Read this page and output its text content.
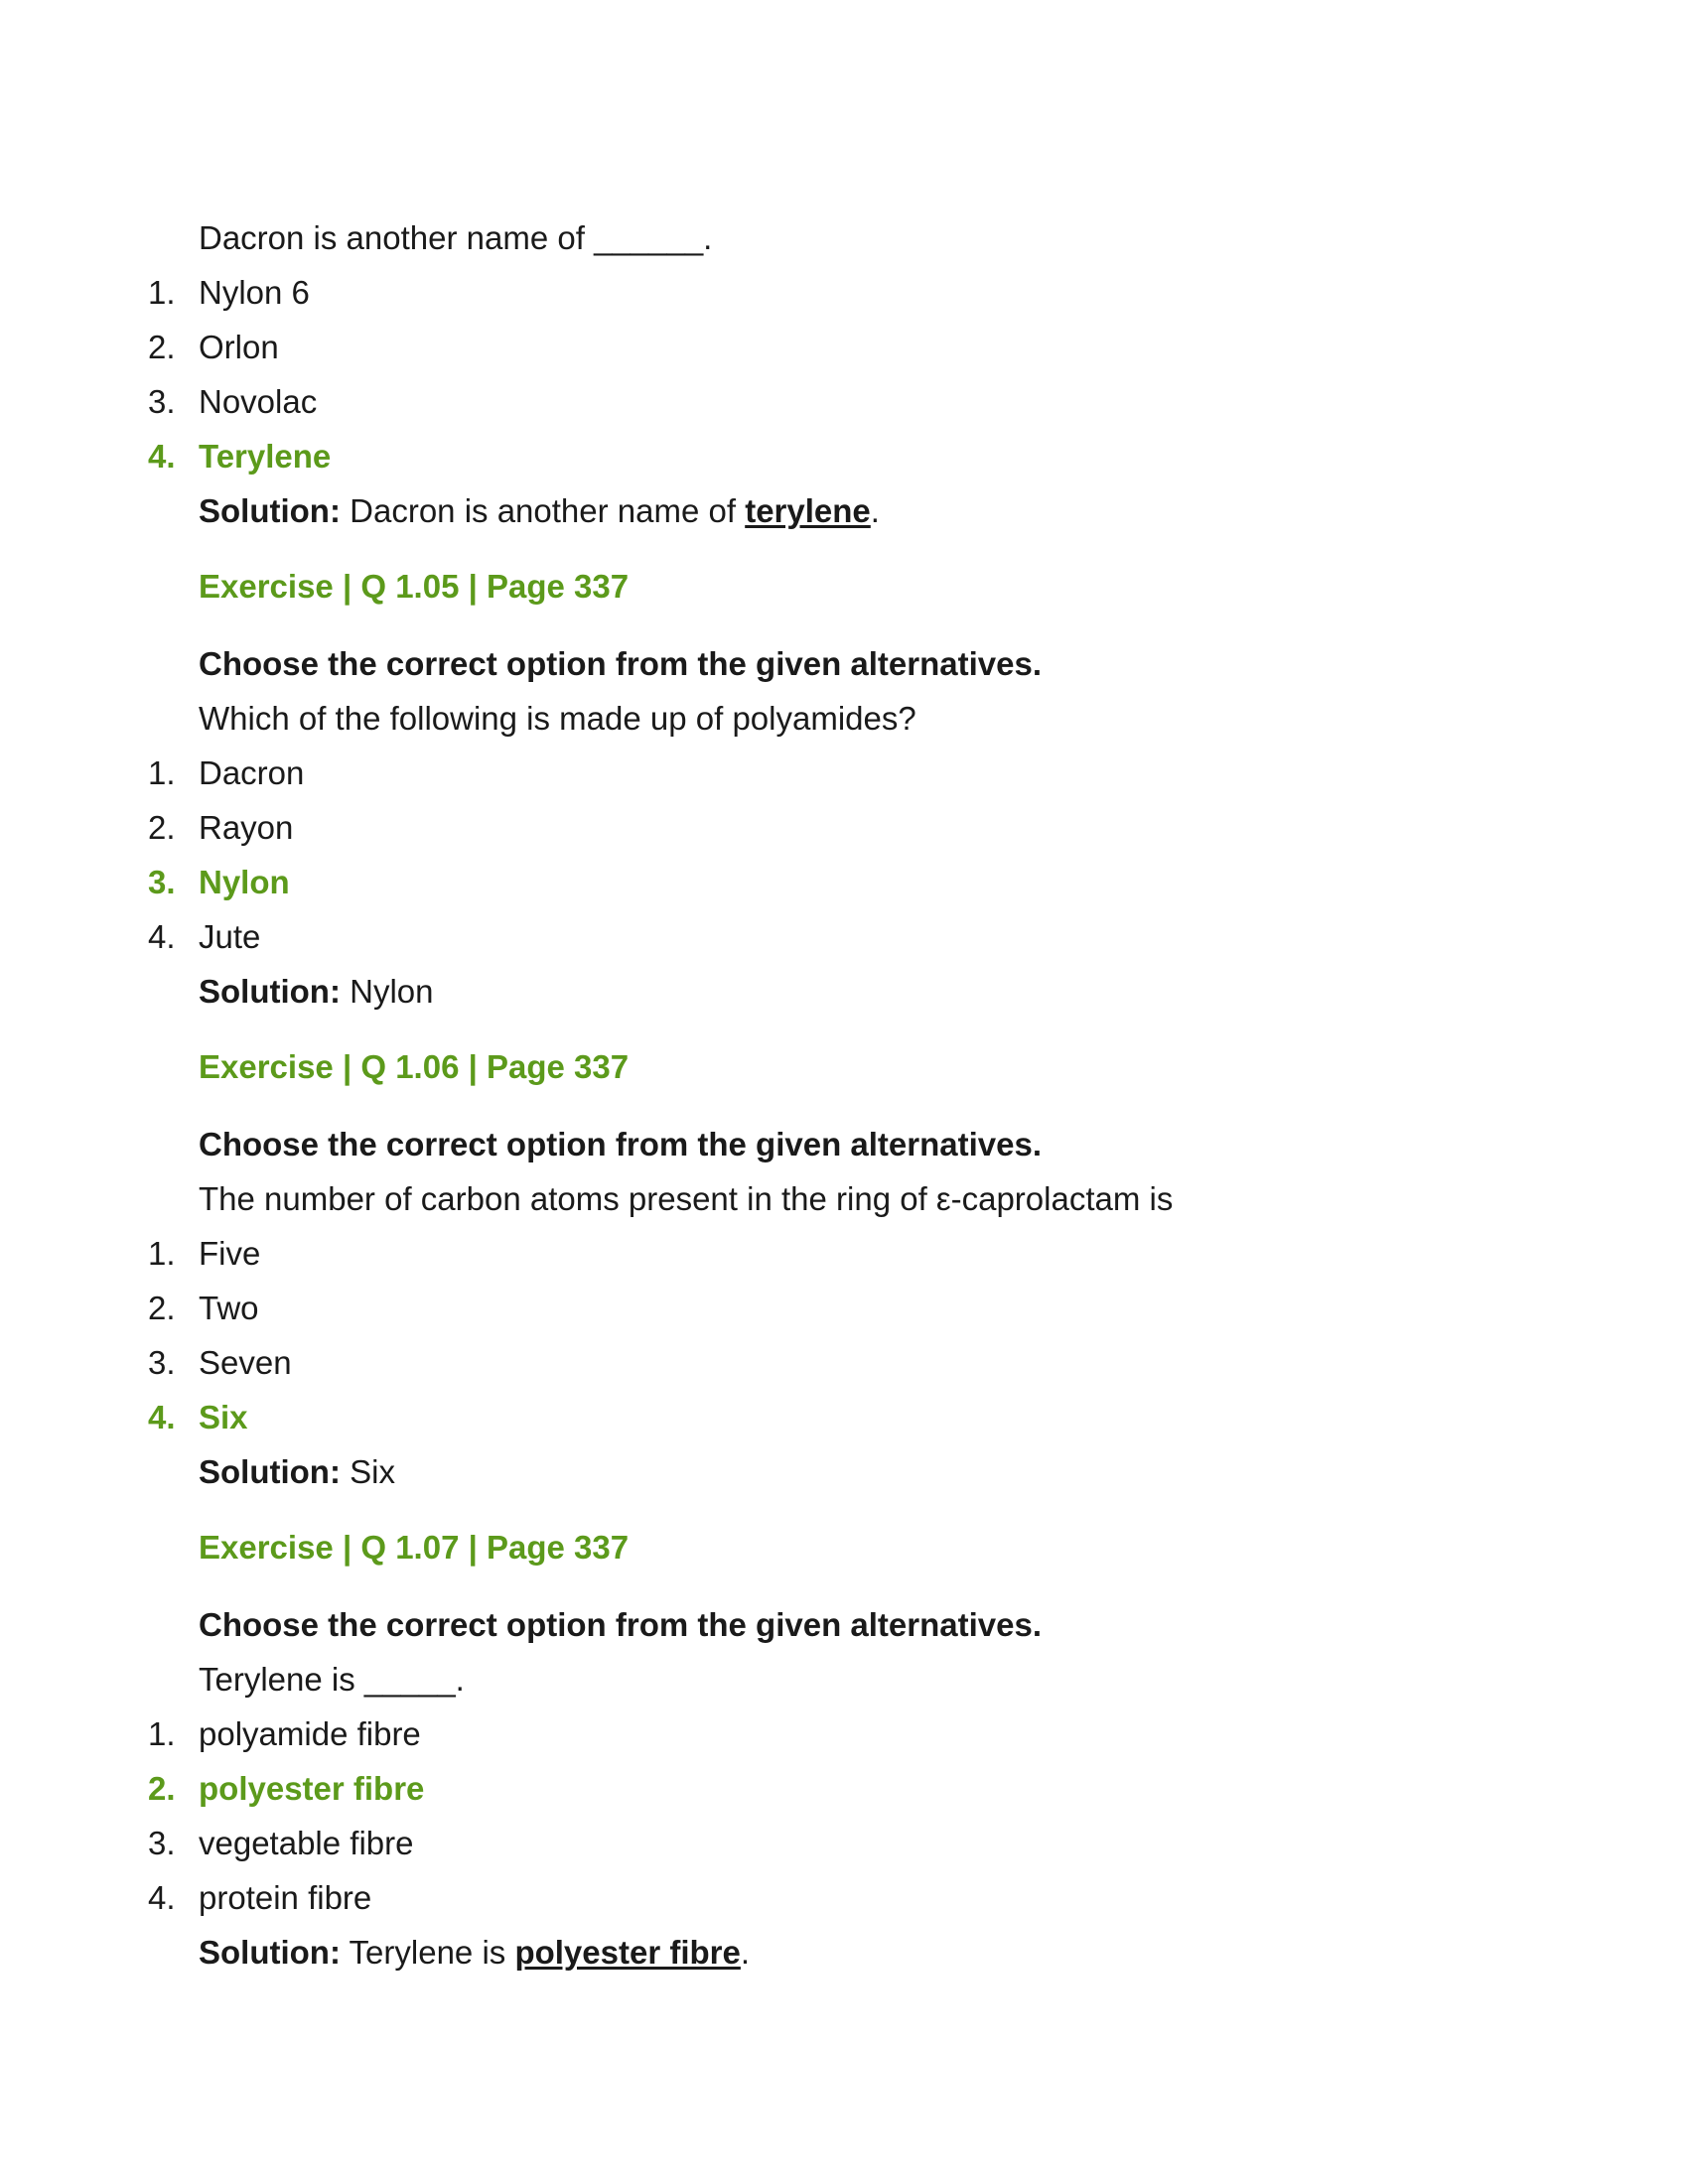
Dacron is another name of ______.
1. Nylon 6
2. Orlon
3. Novolac
4. Terylene
Solution: Dacron is another name of terylene.
Exercise | Q 1.05 | Page 337
Choose the correct option from the given alternatives.
Which of the following is made up of polyamides?
1. Dacron
2. Rayon
3. Nylon
4. Jute
Solution: Nylon
Exercise | Q 1.06 | Page 337
Choose the correct option from the given alternatives.
The number of carbon atoms present in the ring of ε-caprolactam is
1. Five
2. Two
3. Seven
4. Six
Solution: Six
Exercise | Q 1.07 | Page 337
Choose the correct option from the given alternatives.
Terylene is _____.
1. polyamide fibre
2. polyester fibre
3. vegetable fibre
4. protein fibre
Solution: Terylene is polyester fibre.
